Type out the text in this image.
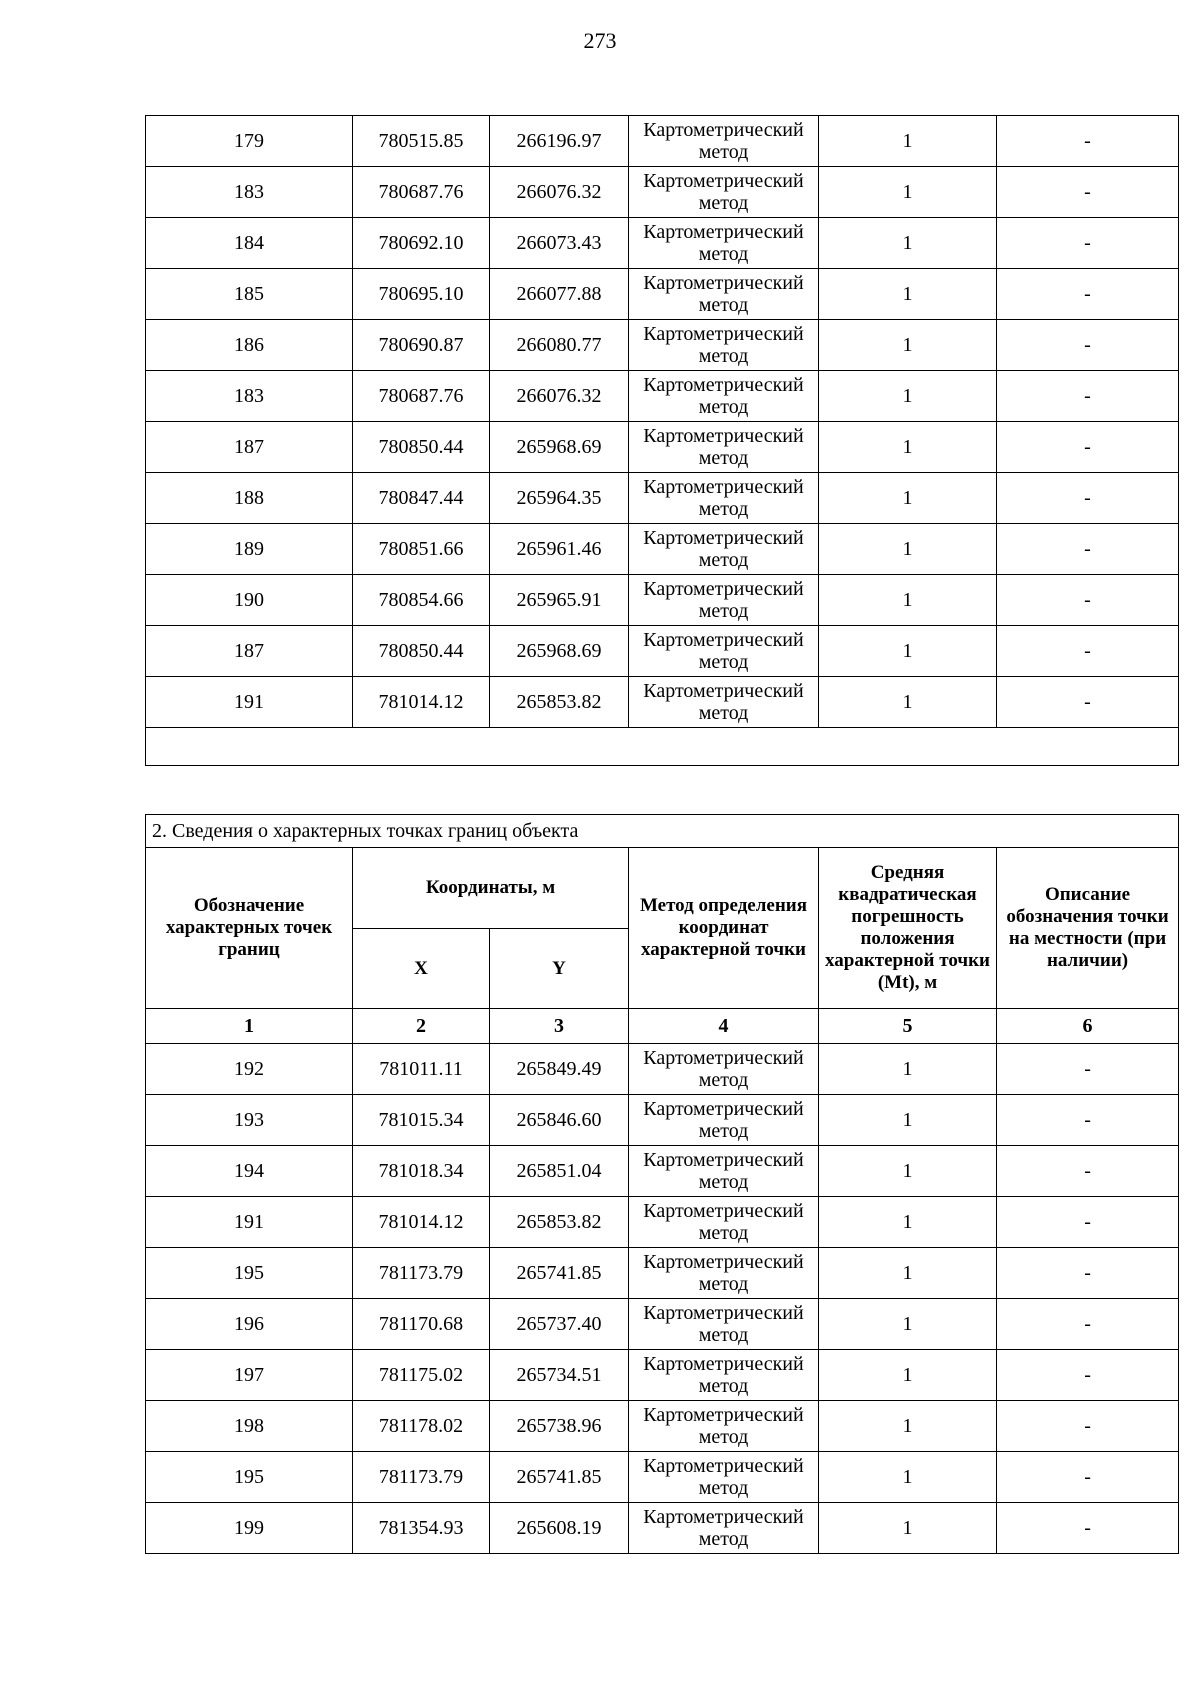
273
179	780515.85	266196.97	Картометрический метод	1	-
183	780687.76	266076.32	Картометрический метод	1	-
184	780692.10	266073.43	Картометрический метод	1	-
185	780695.10	266077.88	Картометрический метод	1	-
186	780690.87	266080.77	Картометрический метод	1	-
183	780687.76	266076.32	Картометрический метод	1	-
187	780850.44	265968.69	Картометрический метод	1	-
188	780847.44	265964.35	Картометрический метод	1	-
189	780851.66	265961.46	Картометрический метод	1	-
190	780854.66	265965.91	Картометрический метод	1	-
187	780850.44	265968.69	Картометрический метод	1	-
191	781014.12	265853.82	Картометрический метод	1	-

2. Сведения о характерных точках границ объекта					
Обозначение характерных точек границ	Координаты, м		Метод определения координат характерной точки	Средняя квадратическая погрешность положения характерной точки (Mt), м	Описание обозначения точки на местности (при наличии)
	X	Y			
1	2	3	4	5	6
192	781011.11	265849.49	Картометрический метод	1	-
193	781015.34	265846.60	Картометрический метод	1	-
194	781018.34	265851.04	Картометрический метод	1	-
191	781014.12	265853.82	Картометрический метод	1	-
195	781173.79	265741.85	Картометрический метод	1	-
196	781170.68	265737.40	Картометрический метод	1	-
197	781175.02	265734.51	Картометрический метод	1	-
198	781178.02	265738.96	Картометрический метод	1	-
195	781173.79	265741.85	Картометрический метод	1	-
199	781354.93	265608.19	Картометрический метод	1	-
